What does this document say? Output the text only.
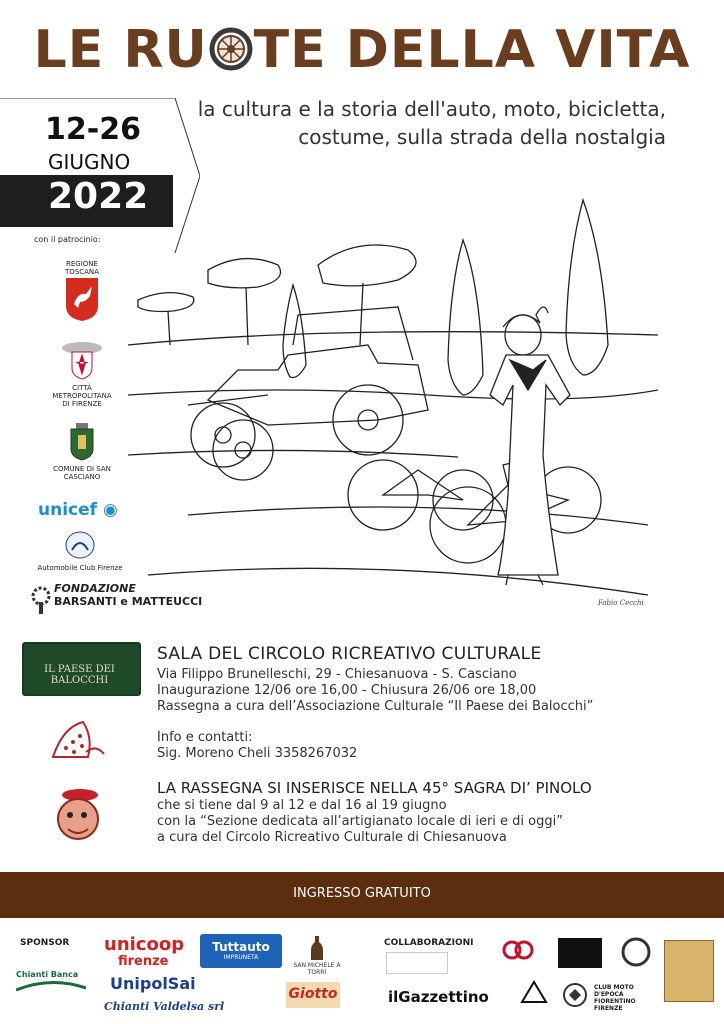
LE RU TE DELLA VITA
la cultura e la storia dell'auto, moto, bicicletta,
costume, sulla strada della nostalgia
12-26
GIUGNO
2022
con il patrocinio:
REGIONE TOSCANA
CITTÀ METROPOLITANA DI FIRENZE
COMUNE DI SAN CASCIANO
unicef ◉
Automobile Club Firenze
FONDAZIONE
BARSANTI e MATTEUCCI	Fabio Cecchi
IL PAESE DEI BALOCCHI
SALA DEL CIRCOLO RICREATIVO CULTURALE
Via Filippo Brunelleschi, 29 - Chiesanuova - S. Casciano
Inaugurazione 12/06 ore 16,00 - Chiusura 26/06 ore 18,00
Rassegna a cura dell’Associazione Culturale “Il Paese dei Balocchi”
Info e contatti:
Sig. Moreno Cheli 3358267032
LA RASSEGNA SI INSERISCE NELLA 45° SAGRA DI’ PINOLO
che si tiene dal 9 al 12 e dal 16 al 19 giugno
con la “Sezione dedicata all’artigianato locale di ieri e di oggi”
a cura del Circolo Ricreativo Culturale di Chiesanuova
INGRESSO GRATUITO
SPONSOR unicoop
firenze
Tuttauto
IMPRUNETA
SAN MICHELE A TORRI
Chianti Banca UnipolSai
Chianti Valdelsa srl
Giotto
COLLABORAZIONI
ilGazzettino
CLUB MOTO D'EPOCA FIORENTINO FIRENZE
